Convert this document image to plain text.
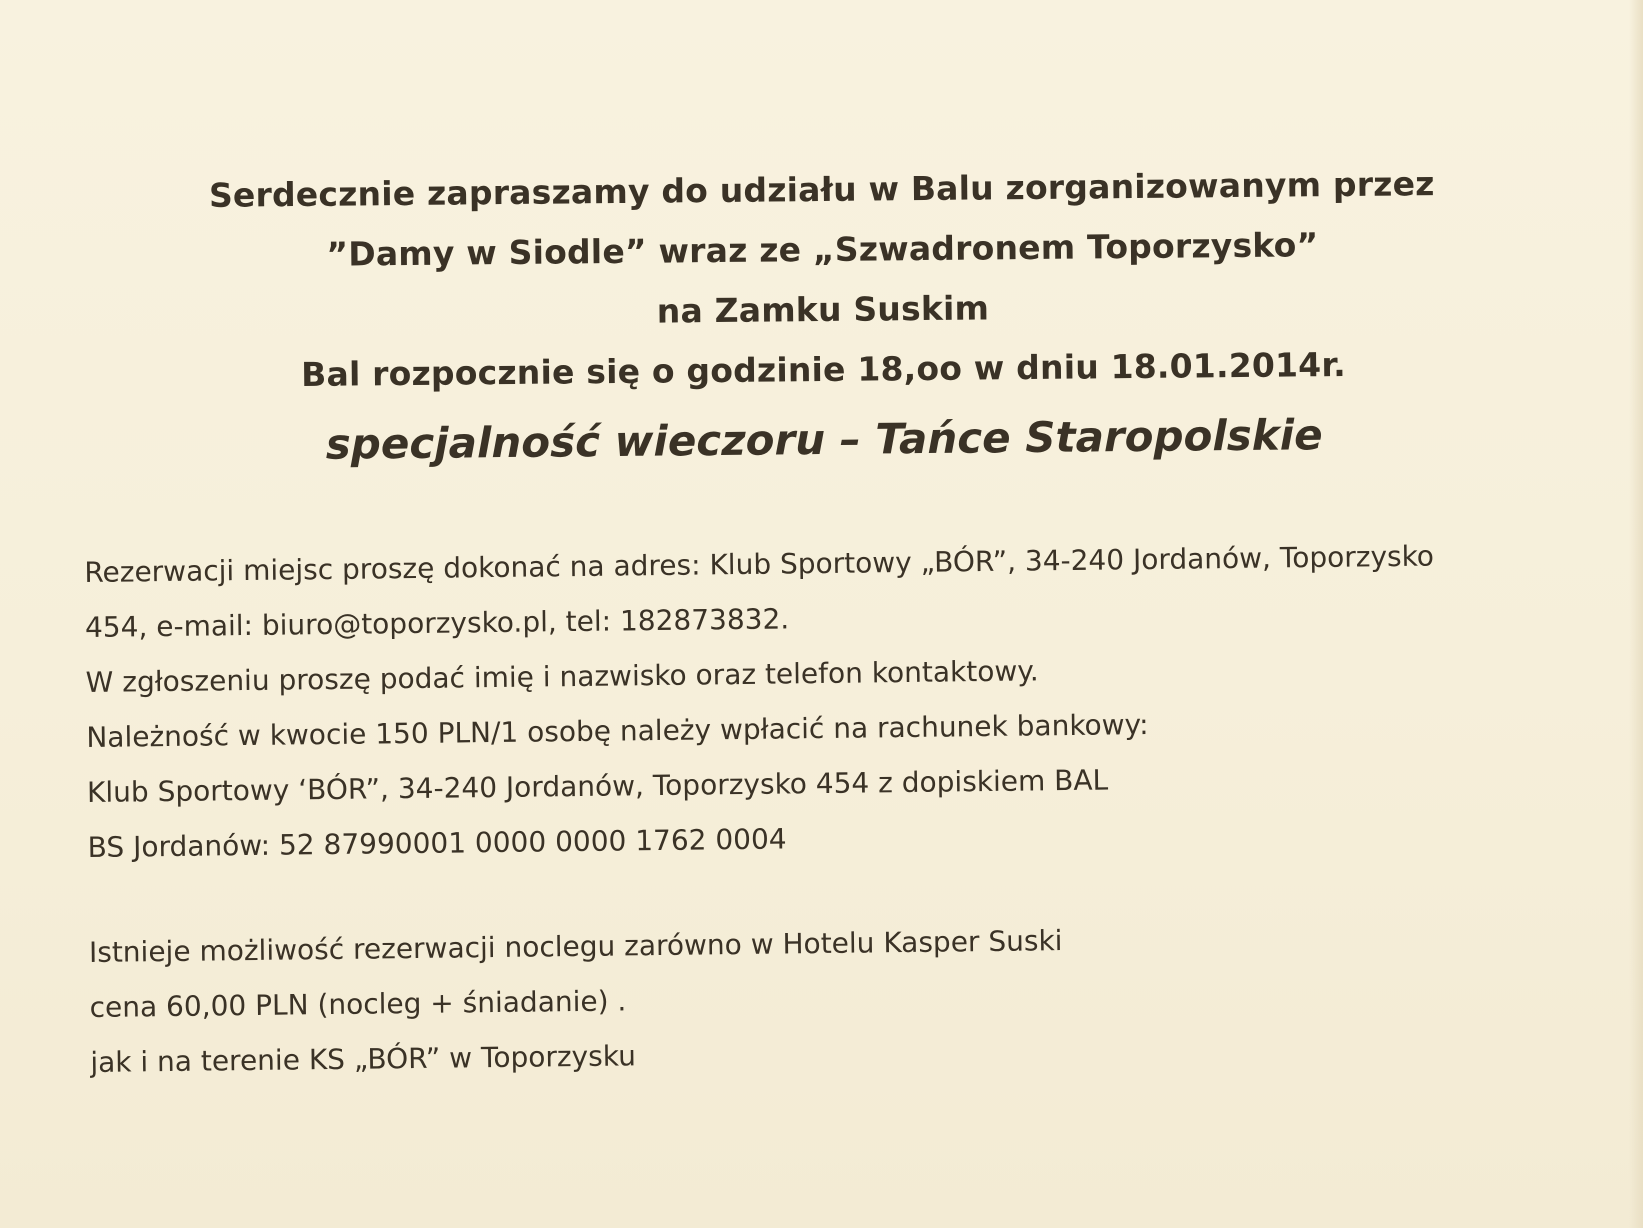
Serdecznie zapraszamy do udziału w Balu zorganizowanym przez
”Damy w Siodle” wraz ze „Szwadronem Toporzysko”
na Zamku Suskim
Bal rozpocznie się o godzinie 18,oo w dniu 18.01.2014r.
specjalność wieczoru – Tańce Staropolskie
Rezerwacji miejsc proszę dokonać na adres: Klub Sportowy „BÓR”, 34-240 Jordanów, Toporzysko
454, e-mail: biuro@toporzysko.pl, tel: 182873832.
W zgłoszeniu proszę podać imię i nazwisko oraz telefon kontaktowy.
Należność w kwocie 150 PLN/1 osobę należy wpłacić na rachunek bankowy:
Klub Sportowy ‘BÓR”, 34-240 Jordanów, Toporzysko 454 z dopiskiem BAL
BS Jordanów: 52 87990001 0000 0000 1762 0004
Istnieje możliwość rezerwacji noclegu zarówno w Hotelu Kasper Suski
cena 60,00 PLN (nocleg + śniadanie) .
jak i na terenie KS „BÓR” w Toporzysku
